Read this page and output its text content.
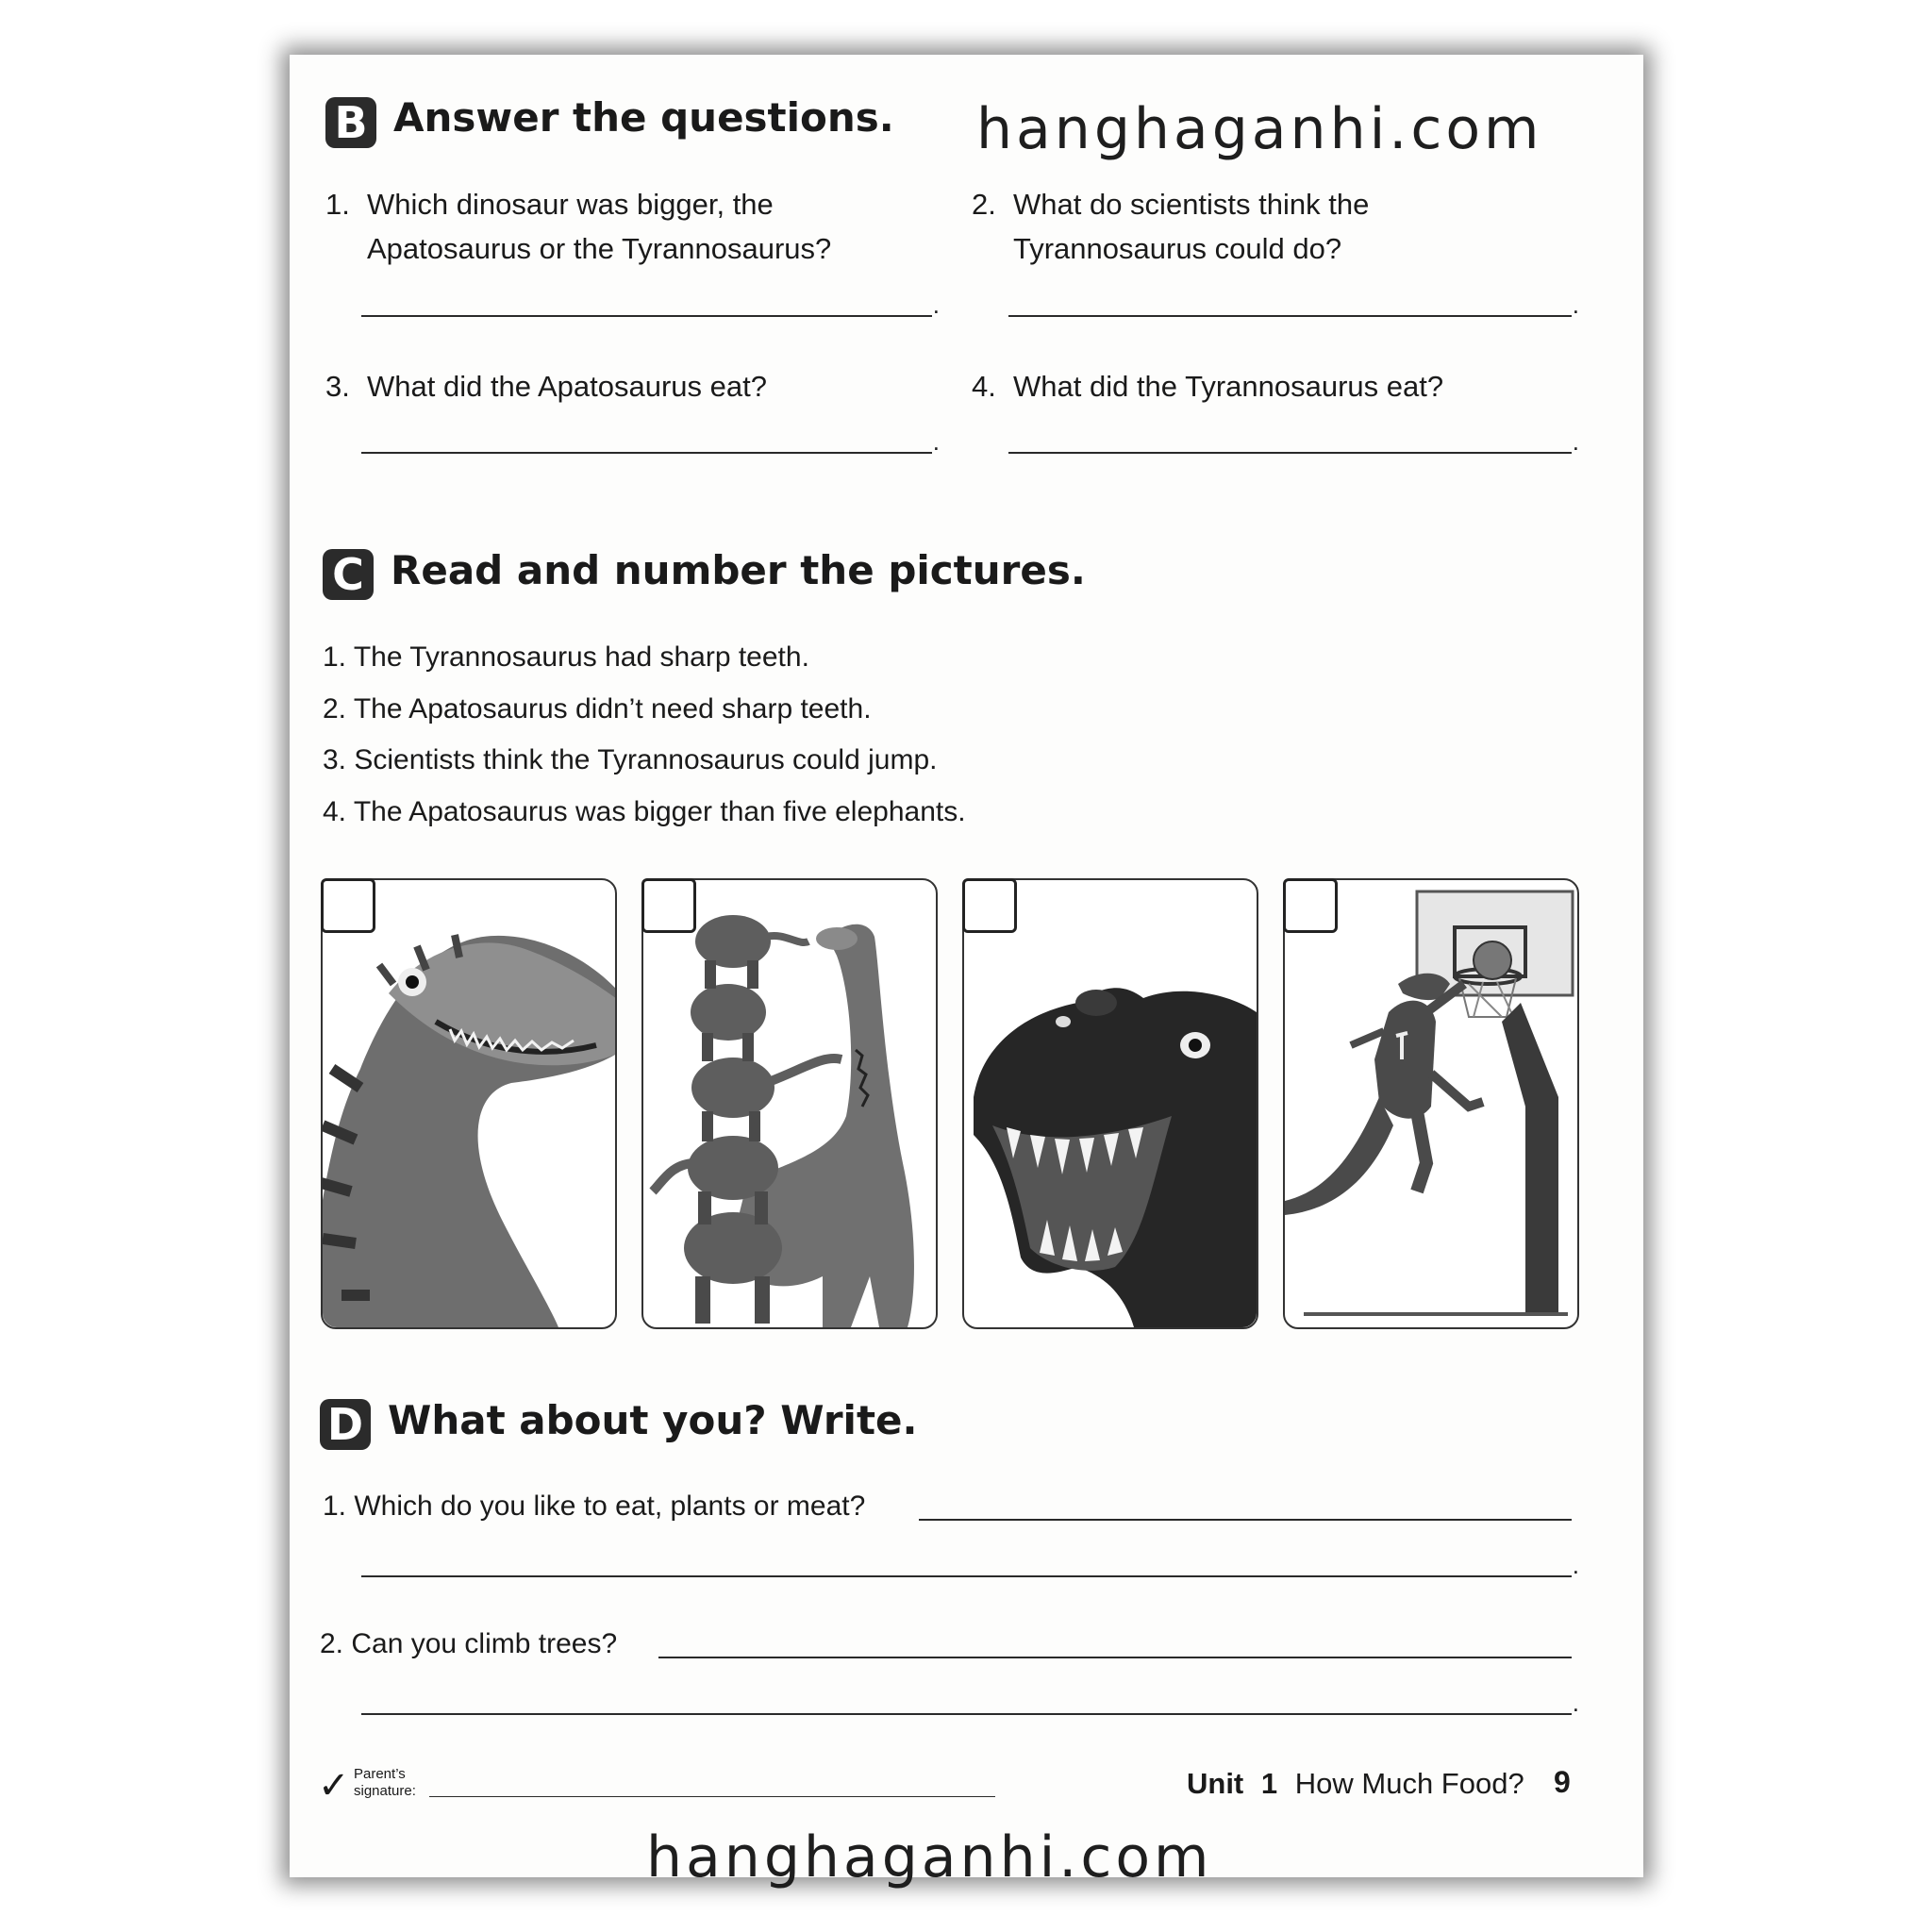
B Answer the questions. hanghaganhi.com
1. Which dinosaur was bigger, the
Apatosaurus or the Tyrannosaurus?
.
2. What do scientists think the
Tyrannosaurus could do?
.
3. What did the Apatosaurus eat?
.	4. What did the Tyrannosaurus eat?
.
C Read and number the pictures.
1. The Tyrannosaurus had sharp teeth.
2. The Apatosaurus didn’t need sharp teeth.
3. Scientists think the Tyrannosaurus could jump.
4. The Apatosaurus was bigger than five elephants.
D What about you? Write.
1. Which do you like to eat, plants or meat?
.
2. Can you climb trees?
.
✓ Parent’s
signature:	Unit 1 How Much Food? 9
hanghaganhi.com
